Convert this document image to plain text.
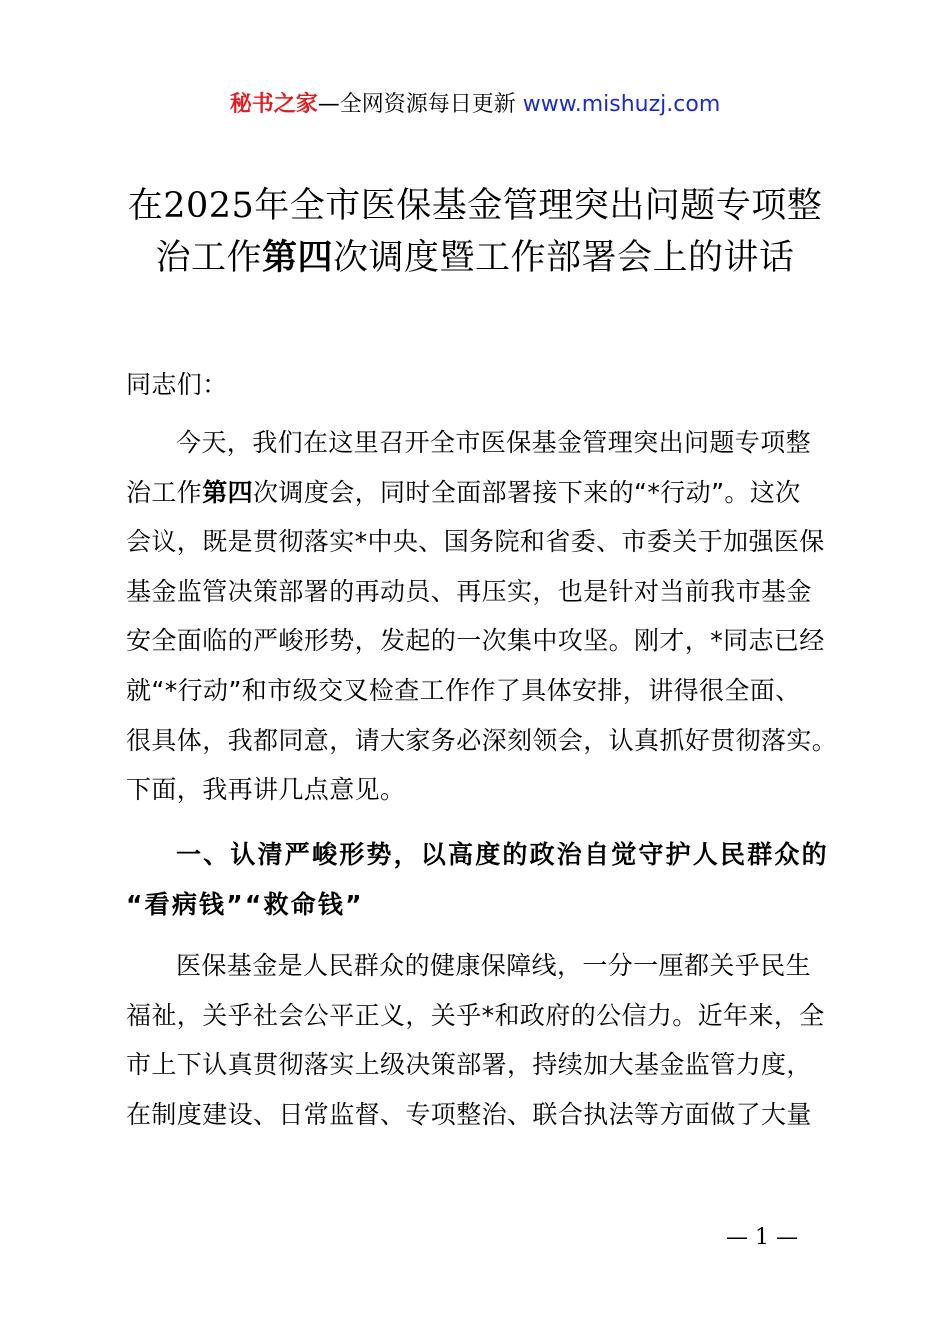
秘书之家—全网资源每日更新 www.mishuzj.com
在2025年全市医保基金管理突出问题专项整
治工作第四次调度暨工作部署会上的讲话
同志们：
今天，我们在这里召开全市医保基金管理突出问题专项整
治工作第四次调度会，同时全面部署接下来的“*行动”。这次
会议，既是贯彻落实*中央、国务院和省委、市委关于加强医保
基金监管决策部署的再动员、再压实，也是针对当前我市基金
安全面临的严峻形势，发起的一次集中攻坚。刚才，*同志已经
就“*行动”和市级交叉检查工作作了具体安排，讲得很全面、
很具体，我都同意，请大家务必深刻领会，认真抓好贯彻落实。
下面，我再讲几点意见。
一、认清严峻形势，以高度的政治自觉守护人民群众的
“看病钱”“救命钱”
医保基金是人民群众的健康保障线，一分一厘都关乎民生
福祉，关乎社会公平正义，关乎*和政府的公信力。近年来，全
市上下认真贯彻落实上级决策部署，持续加大基金监管力度，
在制度建设、日常监督、专项整治、联合执法等方面做了大量
— 1 —
